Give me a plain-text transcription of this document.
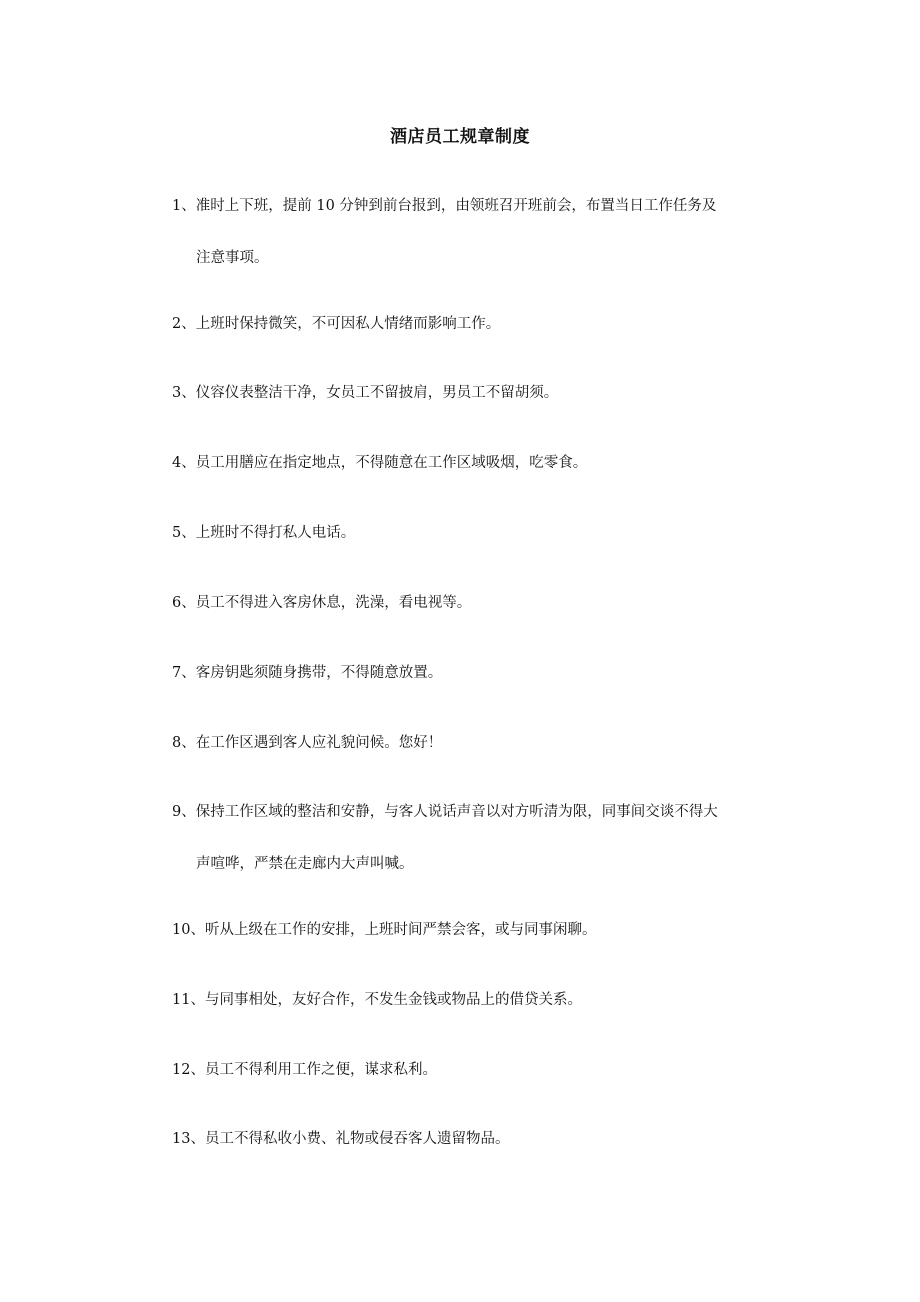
酒店员工规章制度
1、准时上下班，提前 10 分钟到前台报到，由领班召开班前会，布置当日工作任务及
注意事项。
2、上班时保持微笑，不可因私人情绪而影响工作。
3、仪容仪表整洁干净，女员工不留披肩，男员工不留胡须。
4、员工用膳应在指定地点，不得随意在工作区域吸烟，吃零食。
5、上班时不得打私人电话。
6、员工不得进入客房休息，洗澡，看电视等。
7、客房钥匙须随身携带，不得随意放置。
8、在工作区遇到客人应礼貌问候。您好！
9、保持工作区域的整洁和安静，与客人说话声音以对方听清为限，同事间交谈不得大
声喧哗，严禁在走廊内大声叫喊。
10、听从上级在工作的安排，上班时间严禁会客，或与同事闲聊。
11、与同事相处，友好合作，不发生金钱或物品上的借贷关系。
12、员工不得利用工作之便，谋求私利。
13、员工不得私收小费、礼物或侵吞客人遗留物品。
